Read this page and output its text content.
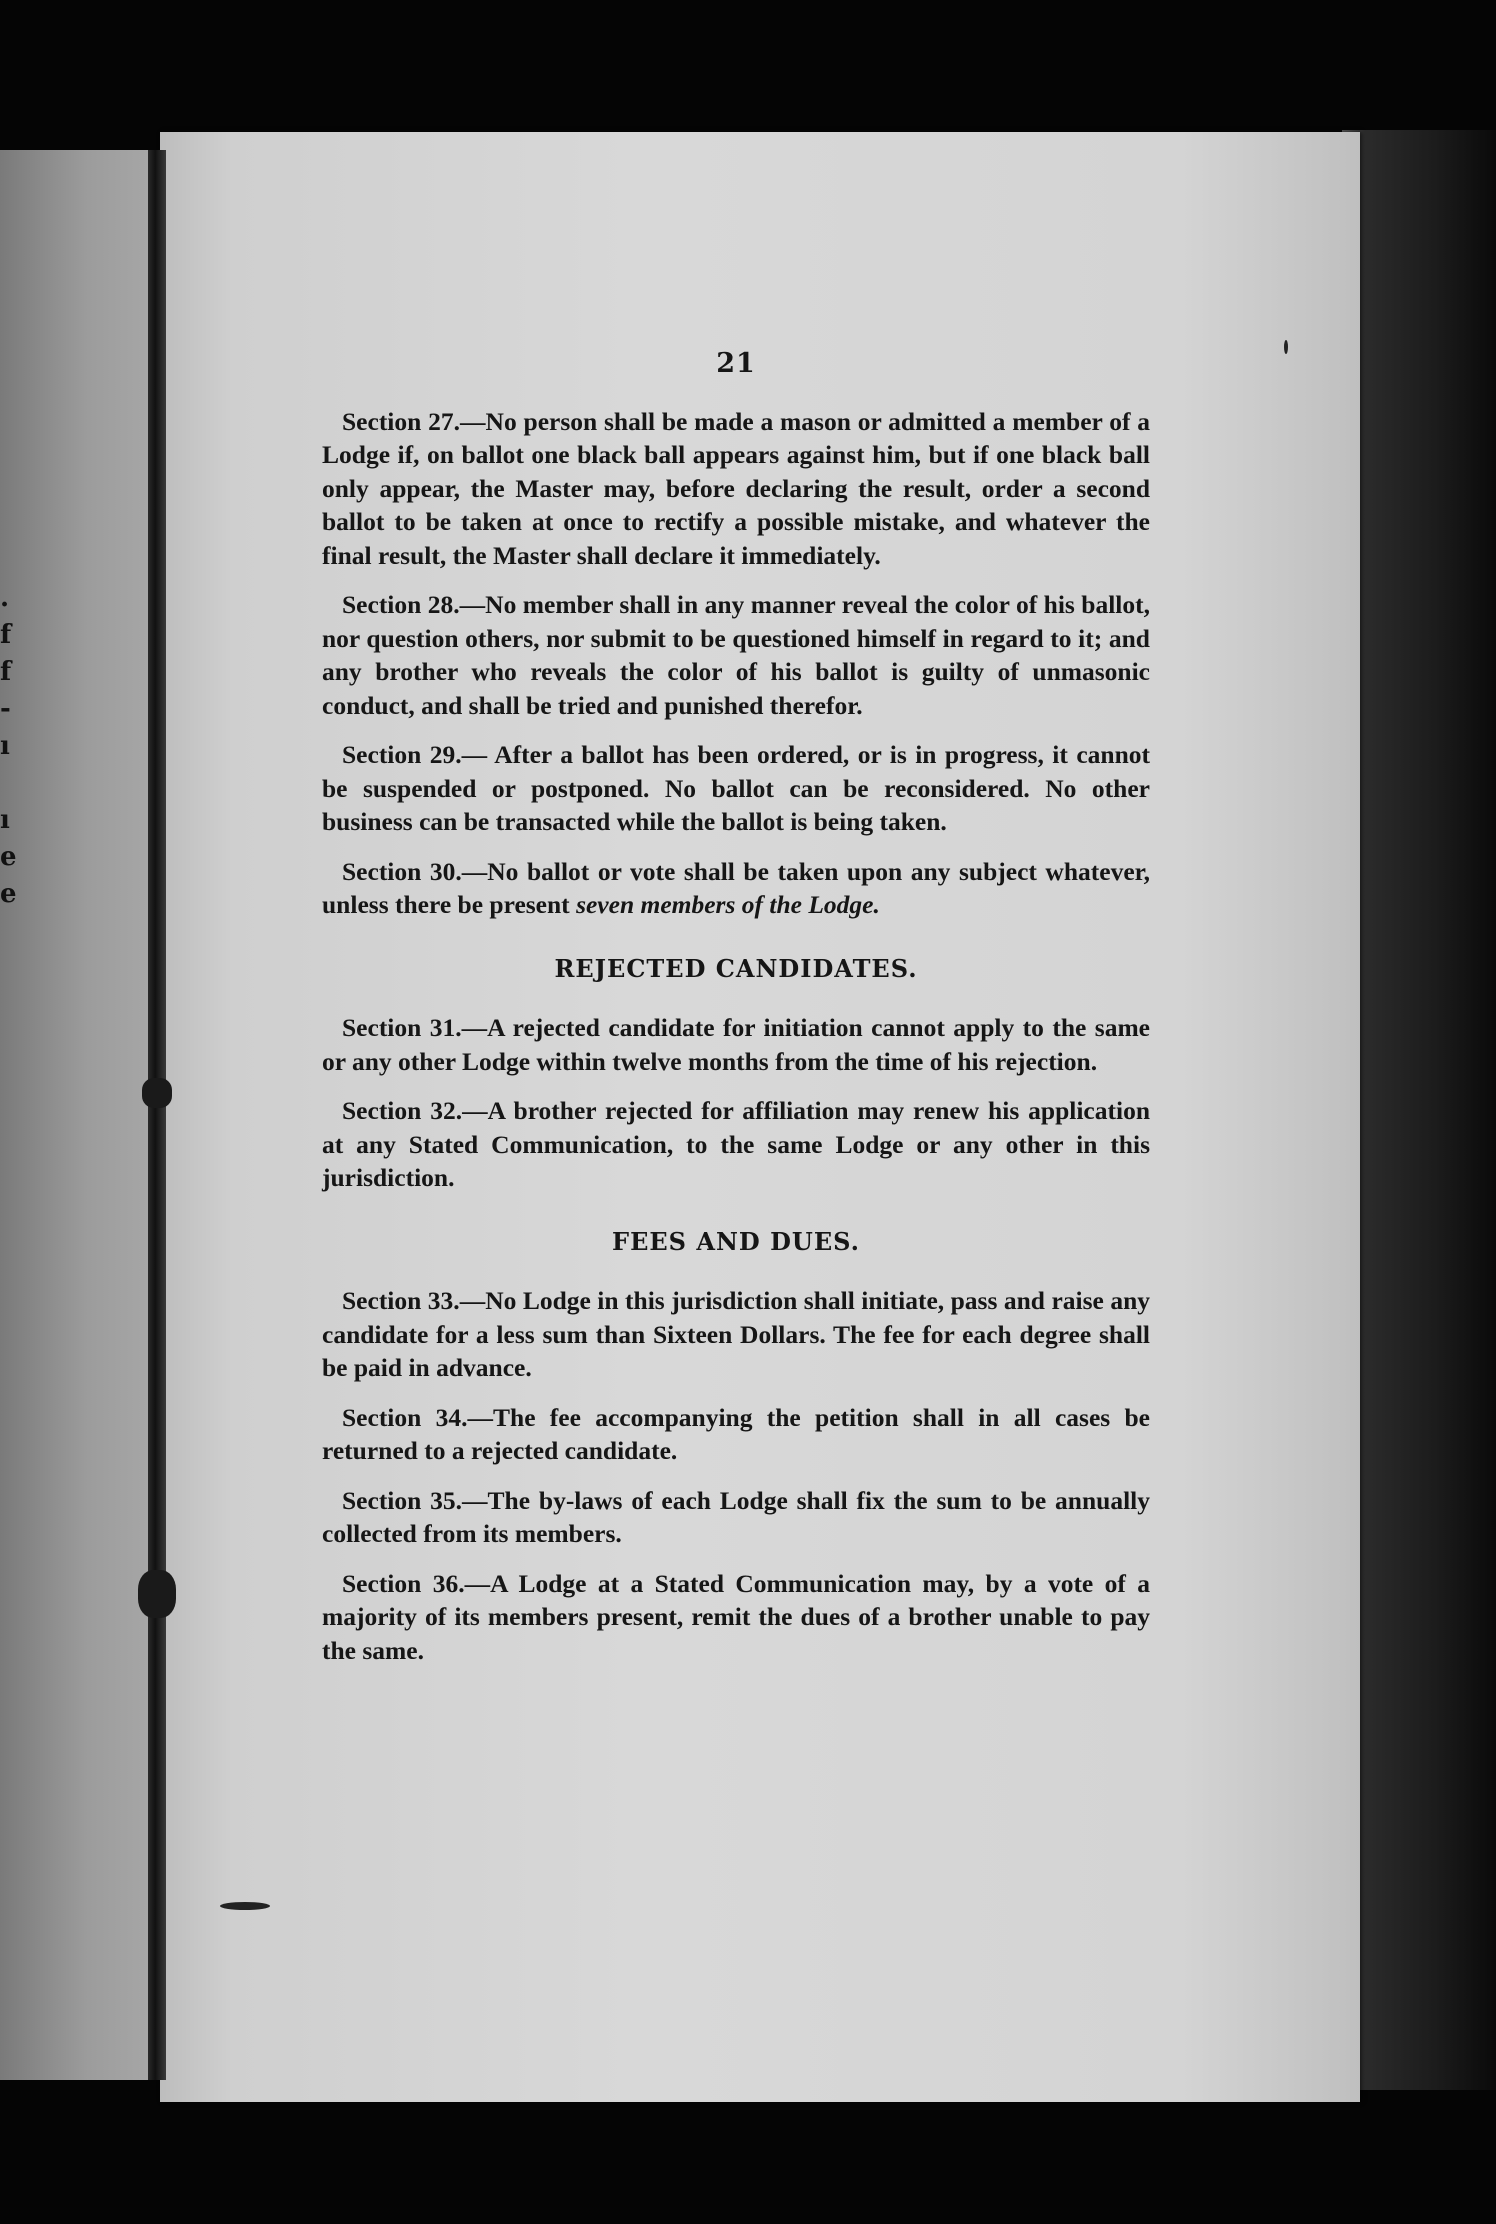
.
f
f
-
ı

ı
e
e
21

Section 27.—No person shall be made a mason or admitted a member of a Lodge if, on ballot one black ball appears against him, but if one black ball only appear, the Master may, before declaring the result, order a second ballot to be taken at once to rectify a possible mistake, and whatever the final result, the Master shall declare it immediately.

Section 28.—No member shall in any manner reveal the color of his ballot, nor question others, nor submit to be questioned himself in regard to it; and any brother who reveals the color of his ballot is guilty of unmasonic conduct, and shall be tried and punished therefor.

Section 29.— After a ballot has been ordered, or is in progress, it cannot be suspended or postponed. No ballot can be reconsidered. No other business can be transacted while the ballot is being taken.

Section 30.—No ballot or vote shall be taken upon any subject whatever, unless there be present seven members of the Lodge.

REJECTED CANDIDATES.

Section 31.—A rejected candidate for initiation cannot apply to the same or any other Lodge within twelve months from the time of his rejection.

Section 32.—A brother rejected for affiliation may renew his application at any Stated Communication, to the same Lodge or any other in this jurisdiction.

FEES AND DUES.

Section 33.—No Lodge in this jurisdiction shall initiate, pass and raise any candidate for a less sum than Sixteen Dollars. The fee for each degree shall be paid in advance.

Section 34.—The fee accompanying the petition shall in all cases be returned to a rejected candidate.

Section 35.—The by-laws of each Lodge shall fix the sum to be annually collected from its members.

Section 36.—A Lodge at a Stated Communication may, by a vote of a majority of its members present, remit the dues of a brother unable to pay the same.
